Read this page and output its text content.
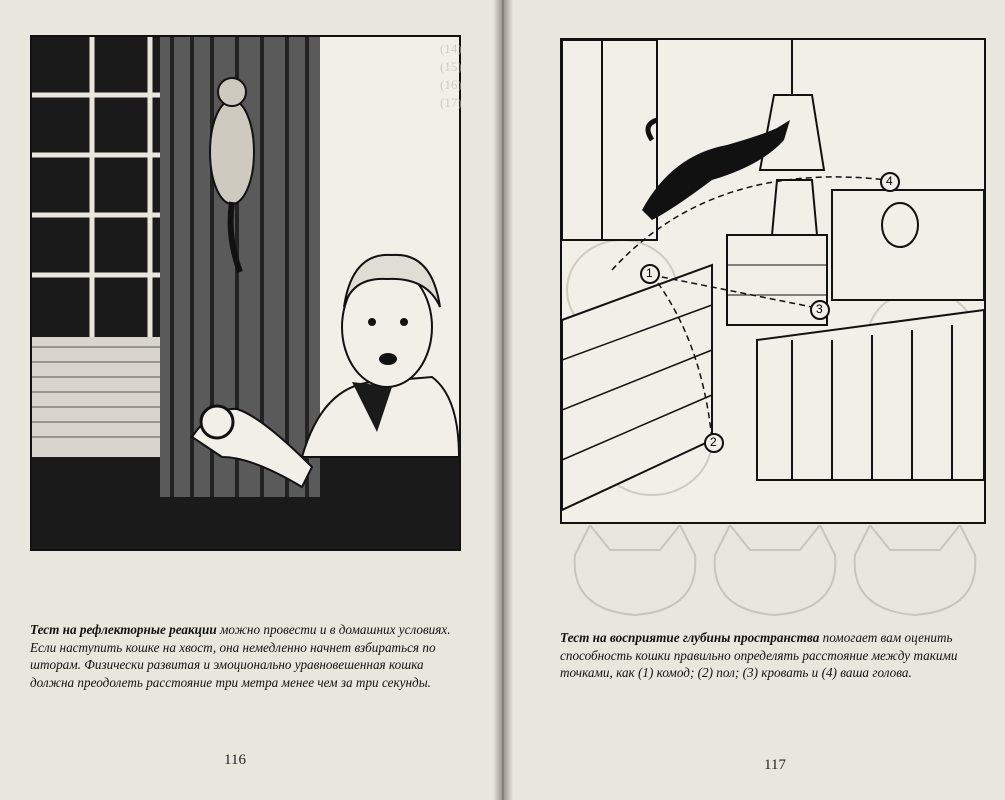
(14)
(15)
(16)
(17)
Тест на рефлекторные реакции можно провести и в домашних условиях. Если наступить кошке на хвост, она немедленно начнет взбираться по шторам. Физически развитая и эмоционально уравновешенная кошка должна преодолеть расстояние три метра менее чем за три секунды.
116
1
2
3
4
Тест на восприятие глубины пространства помогает вам оценить способность кошки правильно определять расстояние между такими точками, как (1) комод; (2) пол; (3) кровать и (4) ваша голова.
117
